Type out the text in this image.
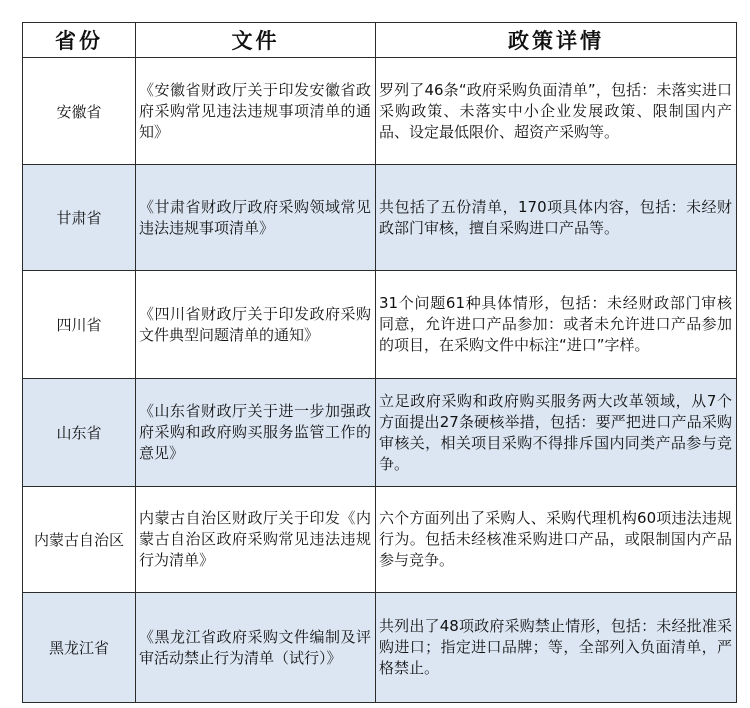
省份	文件	政策详情
安徽省	《安徽省财政厅关于印发安徽省政府采购常见违法违规事项清单的通知》	罗列了46条“政府采购负面清单”，包括：未落实进口采购政策、未落实中小企业发展政策、限制国内产品、设定最低限价、超资产采购等。
甘肃省	《甘肃省财政厅政府采购领域常见违法违规事项清单》	共包括了五份清单，170项具体内容，包括：未经财政部门审核，擅自采购进口产品等。
四川省	《四川省财政厅关于印发政府采购文件典型问题清单的通知》	31个问题61种具体情形，包括：未经财政部门审核同意，允许进口产品参加：或者未允许进口产品参加的项目，在采购文件中标注“进口”字样。
山东省	《山东省财政厅关于进一步加强政府采购和政府购买服务监管工作的意见》	立足政府采购和政府购买服务两大改革领域，从7个方面提出27条硬核举措，包括：要严把进口产品采购审核关，相关项目采购不得排斥国内同类产品参与竞争。
内蒙古自治区	内蒙古自治区财政厅关于印发《内蒙古自治区政府采购常见违法违规行为清单》	六个方面列出了采购人、采购代理机构60项违法违规行为。包括未经核准采购进口产品，或限制国内产品参与竞争。
黑龙江省	《黑龙江省政府采购文件编制及评审活动禁止行为清单（试行）》	共列出了48项政府采购禁止情形，包括：未经批准采购进口；指定进口品牌；等，全部列入负面清单，严格禁止。
